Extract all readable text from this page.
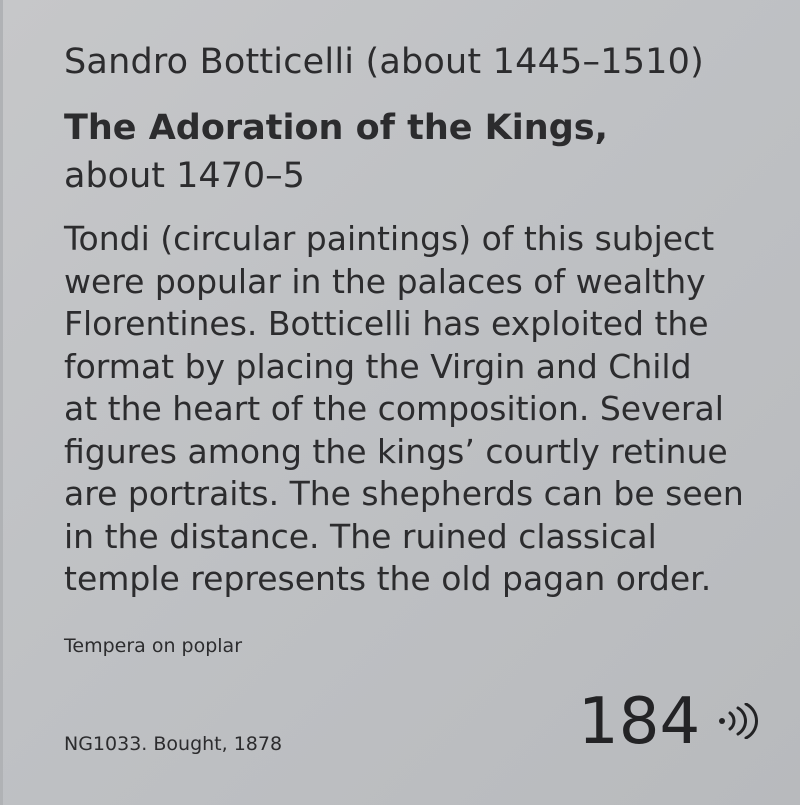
Sandro Botticelli (about 1445–1510)
The Adoration of the Kings,
about 1470–5
Tondi (circular paintings) of this subject
were popular in the palaces of wealthy
Florentines. Botticelli has exploited the
format by placing the Virgin and Child
at the heart of the composition. Several
figures among the kings’ courtly retinue
are portraits. The shepherds can be seen
in the distance. The ruined classical
temple represents the old pagan order.
Tempera on poplar
NG1033. Bought, 1878	184
